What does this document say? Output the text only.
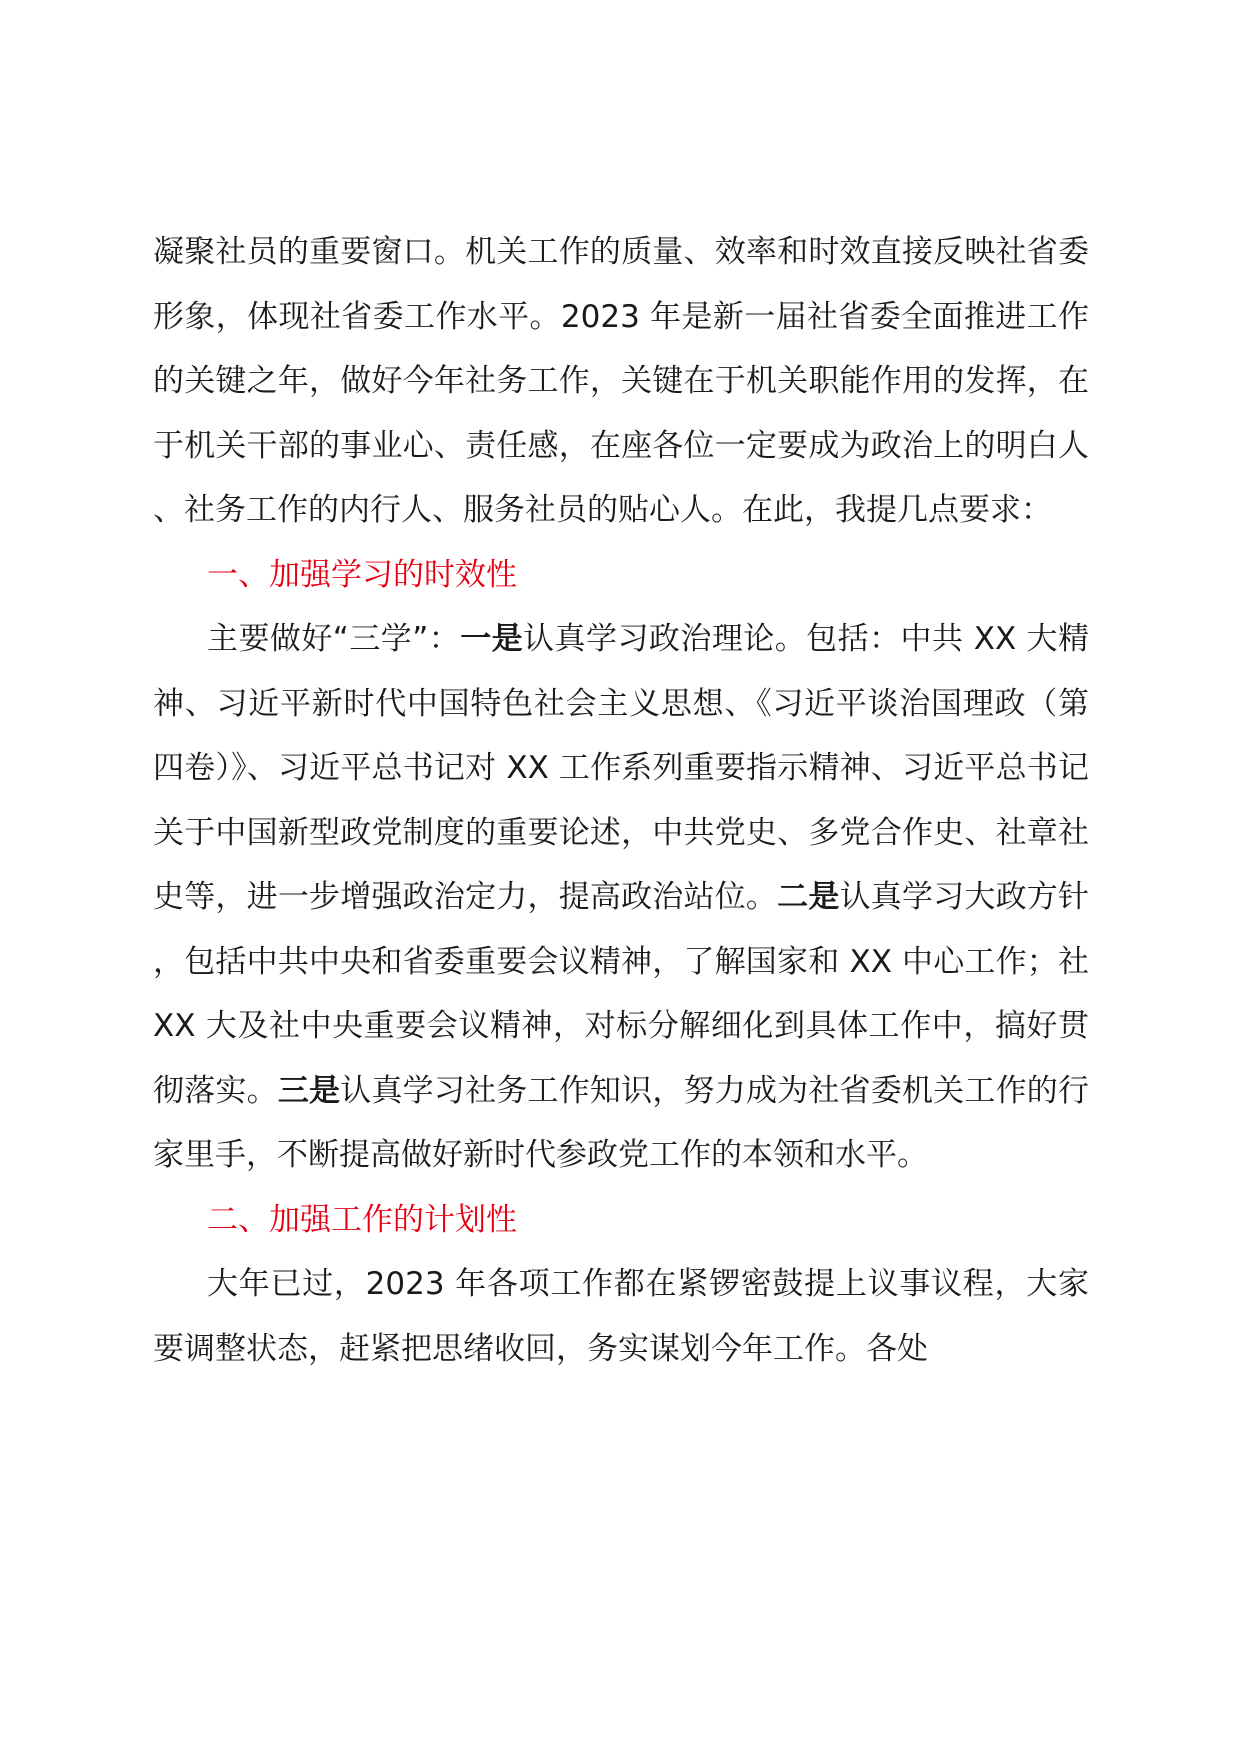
凝聚社员的重要窗口。机关工作的质量、效率和时效直接反映社省委形象，体现社省委工作水平。2023 年是新一届社省委全面推进工作的关键之年，做好今年社务工作，关键在于机关职能作用的发挥，在于机关干部的事业心、责任感，在座各位一定要成为政治上的明白人、社务工作的内行人、服务社员的贴心人。在此，我提几点要求：

一、加强学习的时效性

主要做好“三学”：一是认真学习政治理论。包括：中共 XX 大精神、习近平新时代中国特色社会主义思想、《习近平谈治国理政（第四卷）》、习近平总书记对 XX 工作系列重要指示精神、习近平总书记关于中国新型政党制度的重要论述，中共党史、多党合作史、社章社史等，进一步增强政治定力，提高政治站位。二是认真学习大政方针，包括中共中央和省委重要会议精神，了解国家和 XX 中心工作；社 XX 大及社中央重要会议精神，对标分解细化到具体工作中，搞好贯彻落实。三是认真学习社务工作知识，努力成为社省委机关工作的行家里手，不断提高做好新时代参政党工作的本领和水平。

二、加强工作的计划性

大年已过，2023 年各项工作都在紧锣密鼓提上议事议程，大家要调整状态，赶紧把思绪收回，务实谋划今年工作。各处
